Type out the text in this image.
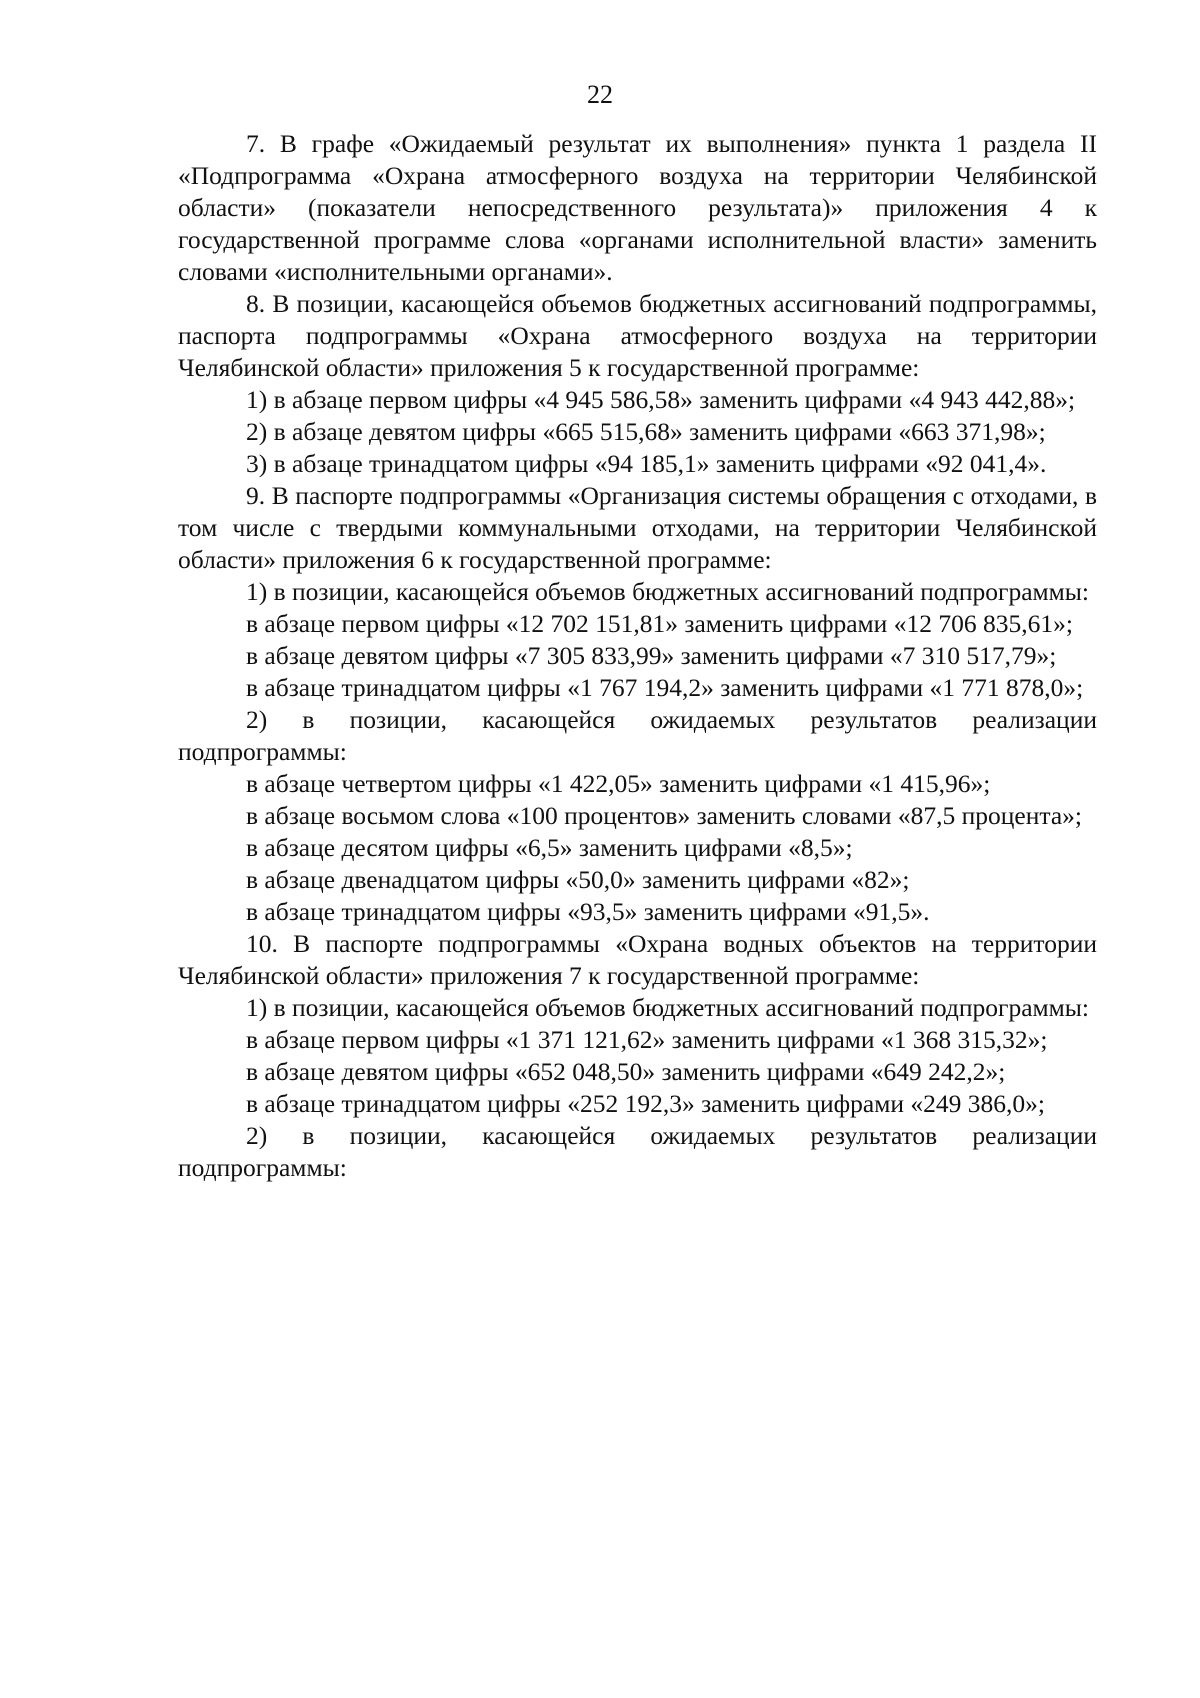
22

7. В графе «Ожидаемый результат их выполнения» пункта 1 раздела II «Подпрограмма «Охрана атмосферного воздуха на территории Челябинской области» (показатели непосредственного результата)» приложения 4 к государственной программе слова «органами исполнительной власти» заменить словами «исполнительными органами».

8. В позиции, касающейся объемов бюджетных ассигнований подпрограммы, паспорта подпрограммы «Охрана атмосферного воздуха на территории Челябинской области» приложения 5 к государственной программе:

1) в абзаце первом цифры «4 945 586,58» заменить цифрами «4 943 442,88»;

2) в абзаце девятом цифры «665 515,68» заменить цифрами «663 371,98»;

3) в абзаце тринадцатом цифры «94 185,1» заменить цифрами «92 041,4».

9. В паспорте подпрограммы «Организация системы обращения с отходами, в том числе с твердыми коммунальными отходами, на территории Челябинской области» приложения 6 к государственной программе:

1) в позиции, касающейся объемов бюджетных ассигнований подпрограммы:

в абзаце первом цифры «12 702 151,81» заменить цифрами «12 706 835,61»;

в абзаце девятом цифры «7 305 833,99» заменить цифрами «7 310 517,79»;

в абзаце тринадцатом цифры «1 767 194,2» заменить цифрами «1 771 878,0»;

2) в позиции, касающейся ожидаемых результатов реализации подпрограммы:

в абзаце четвертом цифры «1 422,05» заменить цифрами «1 415,96»;

в абзаце восьмом слова «100 процентов» заменить словами «87,5 процента»;

в абзаце десятом цифры «6,5» заменить цифрами «8,5»;

в абзаце двенадцатом цифры «50,0» заменить цифрами «82»;

в абзаце тринадцатом цифры «93,5» заменить цифрами «91,5».

10. В паспорте подпрограммы «Охрана водных объектов на территории Челябинской области» приложения 7 к государственной программе:

1) в позиции, касающейся объемов бюджетных ассигнований подпрограммы:

в абзаце первом цифры «1 371 121,62» заменить цифрами «1 368 315,32»;

в абзаце девятом цифры «652 048,50» заменить цифрами «649 242,2»;

в абзаце тринадцатом цифры «252 192,3» заменить цифрами «249 386,0»;

2) в позиции, касающейся ожидаемых результатов реализации подпрограммы:
